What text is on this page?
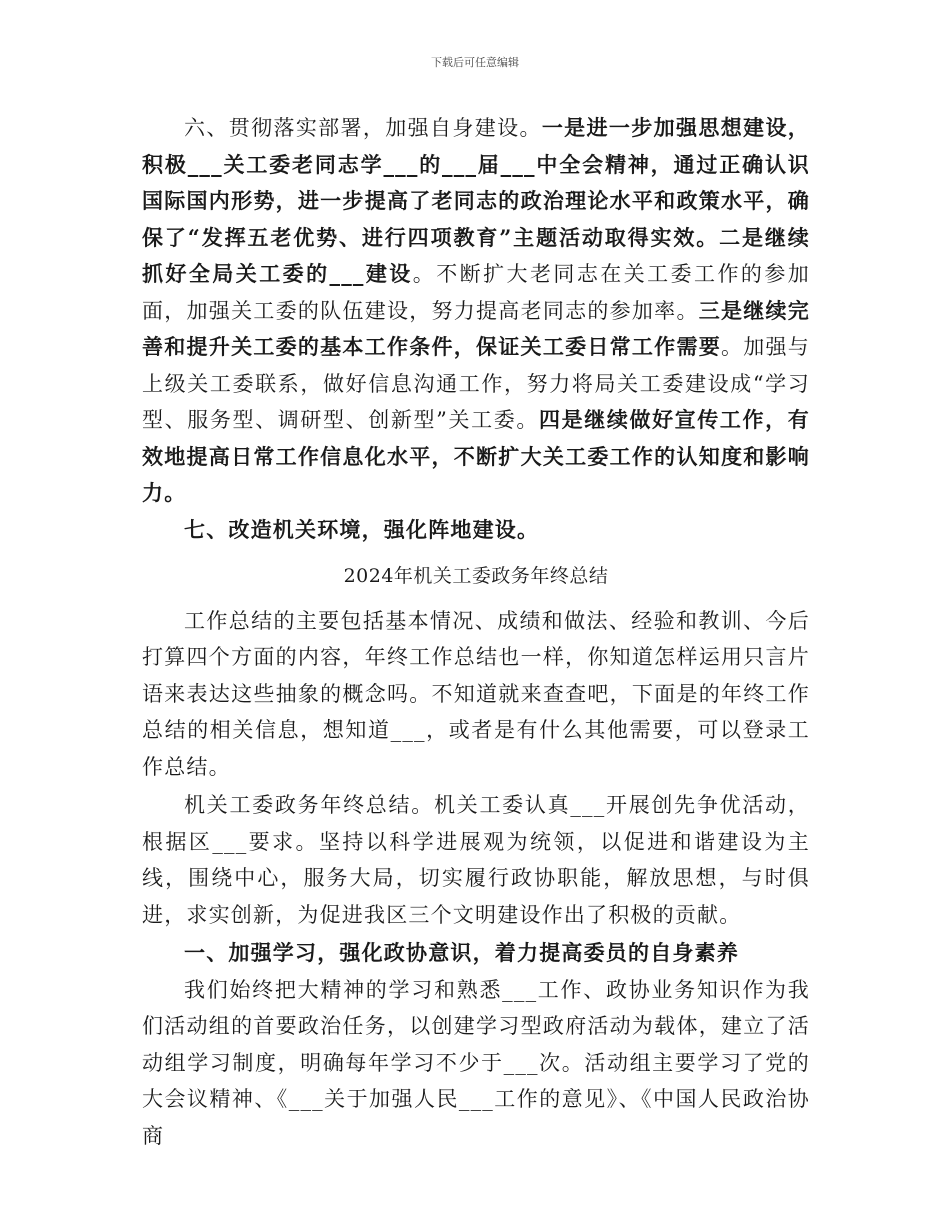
下载后可任意编辑

六、贯彻落实部署，加强自身建设。一是进一步加强思想建设，积极___关工委老同志学___的___届___中全会精神，通过正确认识国际国内形势，进一步提高了老同志的政治理论水平和政策水平，确保了“发挥五老优势、进行四项教育”主题活动取得实效。二是继续抓好全局关工委的___建设。不断扩大老同志在关工委工作的参加面，加强关工委的队伍建设，努力提高老同志的参加率。三是继续完善和提升关工委的基本工作条件，保证关工委日常工作需要。加强与上级关工委联系，做好信息沟通工作，努力将局关工委建设成“学习型、服务型、调研型、创新型”关工委。四是继续做好宣传工作，有效地提高日常工作信息化水平，不断扩大关工委工作的认知度和影响力。

七、改造机关环境，强化阵地建设。

2024年机关工委政务年终总结

工作总结的主要包括基本情况、成绩和做法、经验和教训、今后打算四个方面的内容，年终工作总结也一样，你知道怎样运用只言片语来表达这些抽象的概念吗。不知道就来查查吧，下面是的年终工作总结的相关信息，想知道___，或者是有什么其他需要，可以登录工作总结。

机关工委政务年终总结。机关工委认真___开展创先争优活动，根据区___要求。坚持以科学进展观为统领，以促进和谐建设为主线，围绕中心，服务大局，切实履行政协职能，解放思想，与时俱进，求实创新，为促进我区三个文明建设作出了积极的贡献。

一、加强学习，强化政协意识，着力提高委员的自身素养

我们始终把大精神的学习和熟悉___工作、政协业务知识作为我们活动组的首要政治任务，以创建学习型政府活动为载体，建立了活动组学习制度，明确每年学习不少于___次。活动组主要学习了党的大会议精神、《___关于加强人民___工作的意见》、《中国人民政治协商
